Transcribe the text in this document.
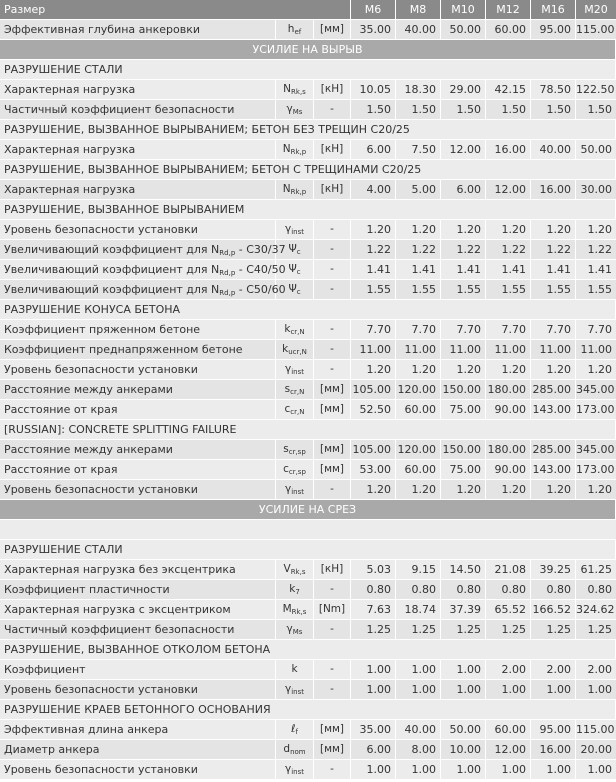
Размер	M6	M8	M10	M12	M16	M20
Эффективная глубина анкеровки	$h_{ef}$	[мм]	35.00	40.00	50.00	60.00	95.00 115.00
УСИЛИЕ НА ВЫРЫВ
РАЗРУШЕНИЕ СТАЛИ
Характерная нагрузка	$N_{Rk,s}$	[кН]	10.05	18.30	29.00	42.15	78.50 122.50
Частичный коэффициент безопасности	$\gamma_{Ms}$	-	1.50	1.50	1.50	1.50	1.50	1.50
РАЗРУШЕНИЕ, ВЫЗВАННОЕ ВЫРЫВАНИЕМ; БЕТОН БЕЗ ТРЕЩИН C20/25
Характерная нагрузка	$N_{Rk,p}$	[кН]	6.00	7.50	12.00	16.00	40.00 50.00
РАЗРУШЕНИЕ, ВЫЗВАННОЕ ВЫРЫВАНИЕМ; БЕТОН С ТРЕЩИНАМИ C20/25
Характерная нагрузка	$N_{Rk,p}$	[кН]	4.00	5.00	6.00	12.00	16.00 30.00
РАЗРУШЕНИЕ, ВЫЗВАННОЕ ВЫРЫВАНИЕМ
Уровень безопасности установки	$\gamma_{inst}$	-	1.20	1.20	1.20	1.20	1.20	1.20
Увеличивающий коэффициент для $N_{Rd,p} - C30/37$ $\Psi_c$	-	1.22	1.22	1.22	1.22	1.22	1.22
Увеличивающий коэффициент для $N_{Rd,p} - C40/50$ $\Psi_c$	-	1.41	1.41	1.41	1.41	1.41	1.41
Увеличивающий коэффициент для $N_{Rd,p} - C50/60$ $\Psi_c$	-	1.55	1.55	1.55	1.55	1.55	1.55
РАЗРУШЕНИЕ КОНУСА БЕТОНА
Коэффициент пряженном бетоне	$k_{cr,N}$	-	7.70	7.70	7.70	7.70	7.70	7.70
Коэффициент преднапряженном бетоне	$k_{ucr,N}$	-	11.00	11.00	11.00	11.00	11.00 11.00
Уровень безопасности установки	$\gamma_{inst}$	-	1.20	1.20	1.20	1.20	1.20	1.20
Расстояние между анкерами	$s_{cr,N}$	[мм] 105.00 120.00 150.00 180.00 285.00 345.00
Расстояние от края	$c_{cr,N}$	[мм]	52.50	60.00	75.00	90.00 143.00 173.00
[RUSSIAN]: CONCRETE SPLITTING FAILURE
Расстояние между анкерами	$s_{cr,sp}$	[мм] 105.00 120.00 150.00 180.00 285.00 345.00
Расстояние от края	$c_{cr,sp}$	[мм]	53.00	60.00	75.00	90.00 143.00 173.00
Уровень безопасности установки	$\gamma_{inst}$	-	1.20	1.20	1.20	1.20	1.20	1.20
УСИЛИЕ НА СРЕЗ
РАЗРУШЕНИЕ СТАЛИ
Характерная нагрузка без эксцентрика	$V_{Rk,s}$	[кН]	5.03	9.15	14.50	21.08	39.25 61.25
Коэффициент пластичности	$k_7$	-	0.80	0.80	0.80	0.80	0.80	0.80
Характерная нагрузка с эксцентриком	$M_{Rk,s}$	[Nm]	7.63	18.74	37.39	65.52 166.52 324.62
Частичный коэффициент безопасности	$\gamma_{Ms}$	-	1.25	1.25	1.25	1.25	1.25	1.25
РАЗРУШЕНИЕ, ВЫЗВАННОЕ ОТКОЛОМ БЕТОНА
Коэффициент	k	-	1.00	1.00	1.00	2.00	2.00	2.00
Уровень безопасности установки	$\gamma_{inst}$	-	1.00	1.00	1.00	1.00	1.00	1.00
РАЗРУШЕНИЕ КРАЕВ БЕТОННОГО ОСНОВАНИЯ
Эффективная длина анкера	ℓ$_f$	[мм]	35.00	40.00	50.00	60.00	95.00 115.00
Диаметр анкера	$d_{nom}$	[мм]	6.00	8.00	10.00	12.00	16.00 20.00
Уровень безопасности установки	$\gamma_{inst}$	-	1.00	1.00	1.00	1.00	1.00	1.00
